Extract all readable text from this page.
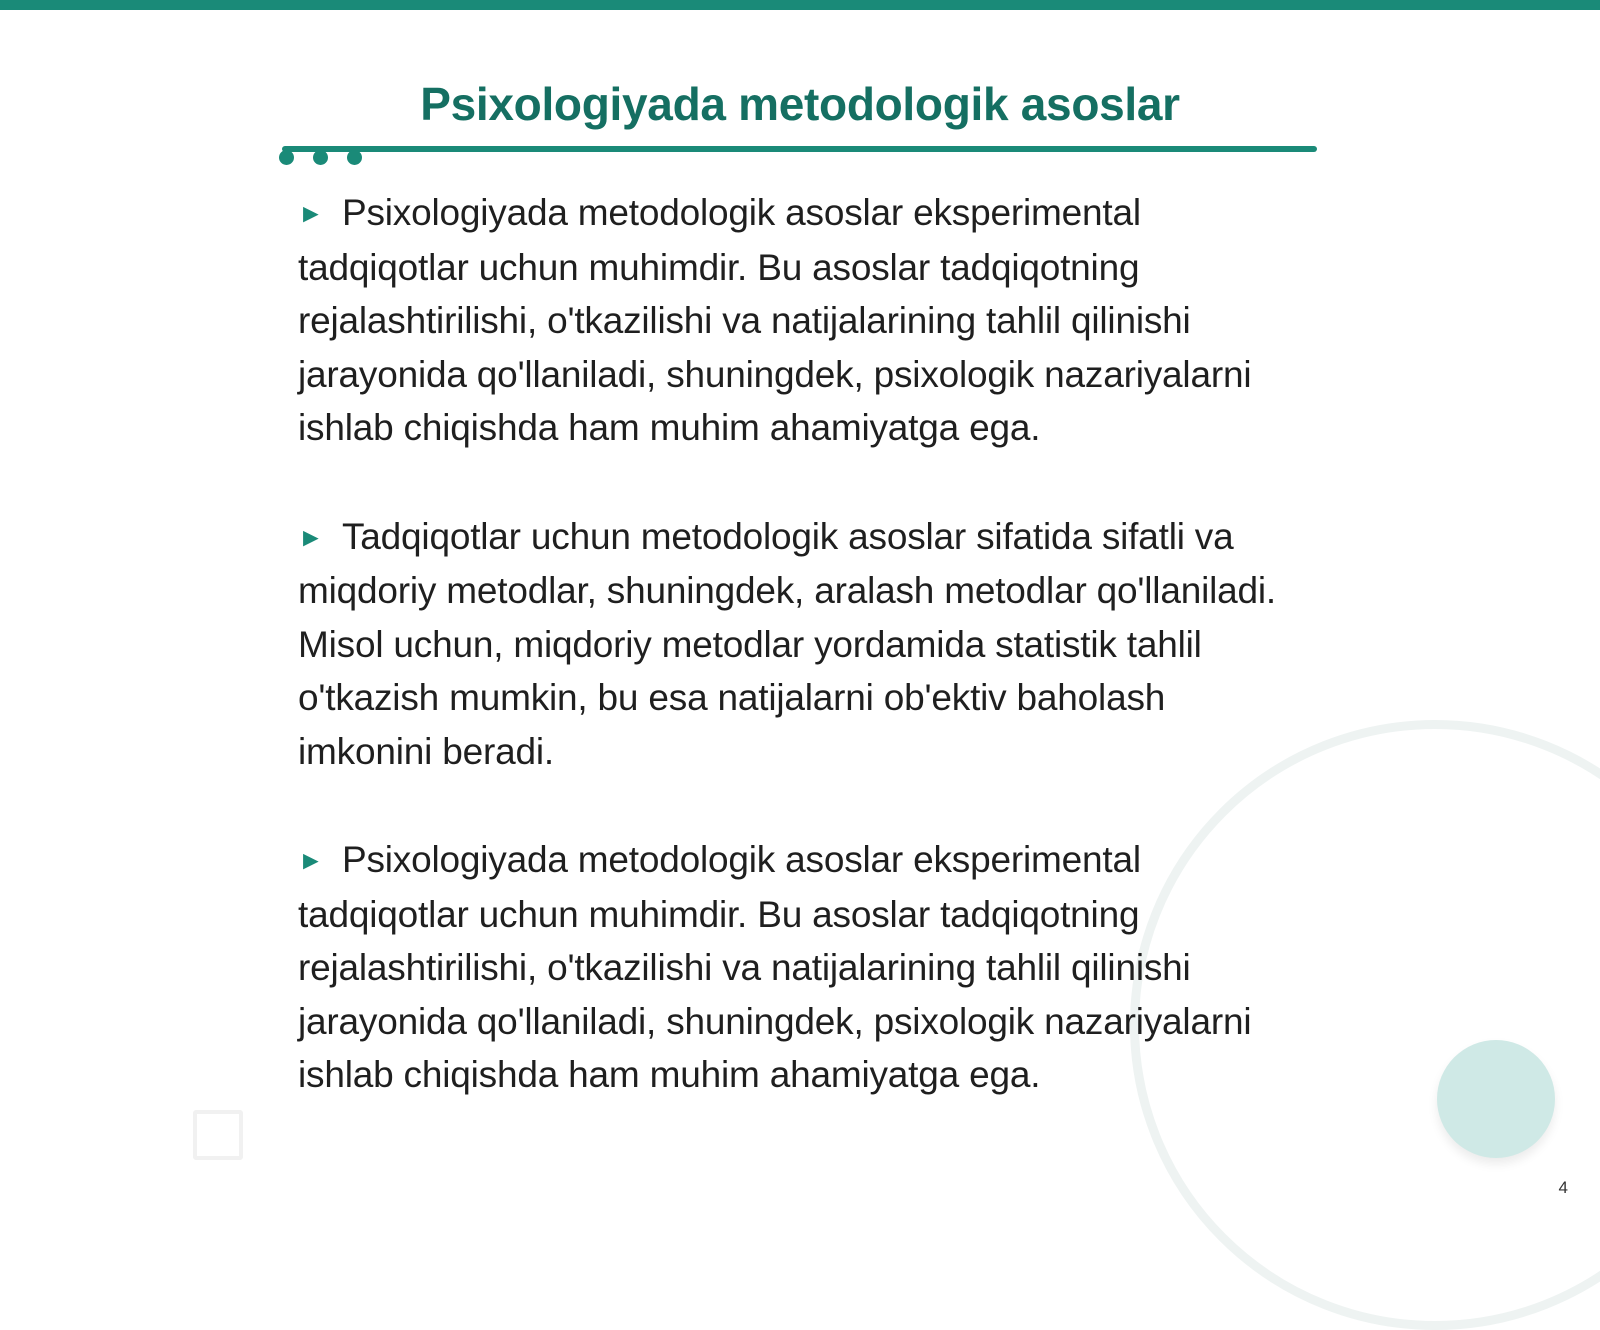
Psixologiyada metodologik asoslar

► Psixologiyada metodologik asoslar eksperimental tadqiqotlar uchun muhimdir. Bu asoslar tadqiqotning rejalashtirilishi, o'tkazilishi va natijalarining tahlil qilinishi jarayonida qo'llaniladi, shuningdek, psixologik nazariyalarni ishlab chiqishda ham muhim ahamiyatga ega.

► Tadqiqotlar uchun metodologik asoslar sifatida sifatli va miqdoriy metodlar, shuningdek, aralash metodlar qo'llaniladi. Misol uchun, miqdoriy metodlar yordamida statistik tahlil o'tkazish mumkin, bu esa natijalarni ob'ektiv baholash imkonini beradi.

► Psixologiyada metodologik asoslar eksperimental tadqiqotlar uchun muhimdir. Bu asoslar tadqiqotning rejalashtirilishi, o'tkazilishi va natijalarining tahlil qilinishi jarayonida qo'llaniladi, shuningdek, psixologik nazariyalarni ishlab chiqishda ham muhim ahamiyatga ega.

4
